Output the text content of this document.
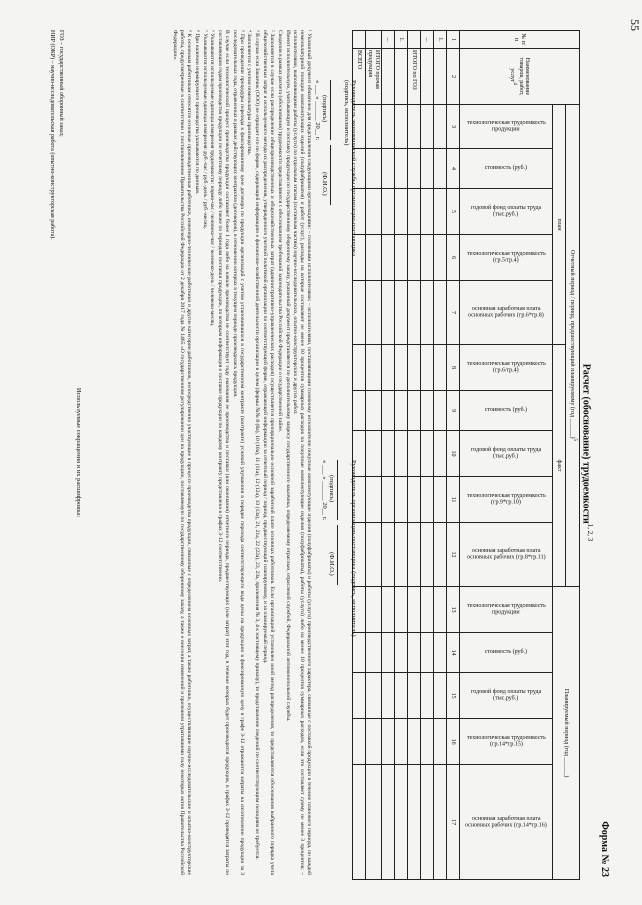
55
Форма № 23
Расчет (обоснование) трудоемкости$^{1, 2, 3}$
№ п/п	Наименование товаров, работ, услуг$^4$	Отчетный период / период, предшествующий планируемому (год ______)$^5$										Планируемый период (год ______)				
		план					факт									

		технологическая трудоемкость продукции	стоимость (руб.)	годовой фонд оплаты труда (тыс.руб.)	технологическая трудоемкость (гр.5/гр.4)	основная заработная плата основных рабочих (гр.6*гр.8)	технологическая трудоемкость (гр.6/гр.4)	стоимость (руб.)	годовой фонд оплаты труда (тыс.руб.)	технологическая трудоемкость (гр.9*гр.10)	основная заработная плата основных рабочих (гр.8*гр.11)	технологическая трудоемкость продукции	стоимость (руб.)	годовой фонд оплаты труда (тыс.руб.)	технологическая трудоемкость (гр.14*гр.15)	основная заработная плата основных рабочих (гр.14*гр.16)

1	2	3	4	5	6	7	8	9	10	11	12	13	14	15	16	17
1.																
...																
	ИТОГО по ГОЗ															
1.																
...																
	ИТОГО прочая продукция															
	ВСЕГО															
Руководитель экономической службы организации-поставщика
(подпись, исполнитель)

(подпись)(Ф.И.О.)
« ___ » ______ 20__ г.
Руководитель организации-поставщика (подпись, исполнитель)

(подпись)(Ф.И.О.)
« ___ » ______ 20__ г.

¹ Указанный документ обязателен для представления следующими организациями: – головными исполнителями; – исполнителями, поставляющими головному исполнителю покупные комплектующие изделия (полуфабрикаты) и работы (услуги) производственного характера, связанные с поставкой продукции в течение планового периода, по каждой номенклатурной позиции комплектующих изделий (полуфабрикатов) и работ (услуг), расходы на которые составляют не менее 10 процентов суммарных расходов на покупные комплектующие изделия (полуфабрикаты), работы (услуги) либо на менее 10 процентов суммарных расходов, если это составляет сумму не менее 3 процентов; – исполнителями, выполняющими работы (услуги) по отдельным этапам (составным частям) научно-исследовательских, опытно-конструкторских и других работ.

Имеют исполнительную, учитывающую и поставку продукции по государственному оборонному заказу, указанный документ представляется по дополнительному запросу государственного заказчика, определяемому отраслью, отраслевой службой, Федеральной антимонопольной службы.

Сведения в рамках расчета (обоснования) трудоемкости представляются с обоснованием требований законодательства Российской Федерации о государственной тайне.

² Заполняется в случае если распределение общепроизводственных и общехозяйственных затрат (административно-управленческих расходов) осуществляется пропорционально основной заработной плате основных работников. Если организацией установлен иной метод распределения, то представляются обоснования выбранного порядка учета общехозяйственных затрат и используемого метода их распределения, утвержденного учетной политикой организации по соответствующей форме, отражающей информацию за отчетный период / период, предшествующий планируемому, и за планируемый период.

³ В случае если Заказчик (ООО) не отрицает его по форме, содержащей информацию о финансово-хозяйственной деятельности организации в целом (формы №№ 8 (8а), 10 (10а), 11 (11а), 12 (12а), 13 (13а), 21, 21а, 22 (22а), 23, 23а, приложения № 3, 4 к настоящему приказу), то представление сведений по соответствующим позициям не требуется.

⁴ Заполняется с учетом номенклатуры производства.

⁵ При проведении процедуры перехода к фиксированному цене договора по продукции организаций с учетом установившихся в государственном контракте (контракте) условий улучшения в порядке перехода соответствующего вида цены на продукцию в фиксированную цену в графе 3-12 отражаются затраты на изготовление продукции за 3 последовательных года, отраженных в рамках действующих контрактов (договоров), в отношении которых в текущем периоде производилась продукция.

В случае если технологический процесс производства продукции составляет более 1 года либо на начале производства не соответствует году окончания ее производства и поставки (или окончания) отчетного периода, предшествующих (или затрат) этот год, в течение которых будет производится продукция, в графах 3-12 приводятся затраты по составляющим годам производства продукции по отчетному периоду либо также по периодам поставки продукции, по которым информация о поставке продукции по каждому контракту представлена в графах 3-12 соответственно.

⁶ Указываются используемые единицы измерения трудоемкости: нормо-час / человеко-час / человеко-день / человеко-месяц.

⁷ Указываются используемые единицы измерения: руб.-час / руб.-день / руб.-месяц.

⁸ При наличии нормируемого производства указываются по данным.

⁹ К основным работникам относятся основные производственные работники, инженерно-технические работники и другие категории работников, непосредственно участвующие в процессе производства продукции, связанные с определением основных затрат, а также работники, осуществляющие научно-исследовательские и опытно-конструкторские работы, предусмотренные в соответствии с постановлением Правительства Российской Федерации от 2 декабря 2017 года № 1465 «О государственном регулировании цен на продукцию, поставляемую по государственному оборонному заказу, а также о внесении изменений и признании утратившими силу некоторых актов Правительства Российской Федерации».

Используемые сокращения и их расшифровка:
ГОЗ – государственный оборонный заказ;
НИР (ОКР) – научно-исследовательская работа (опытно-конструкторская работа).
